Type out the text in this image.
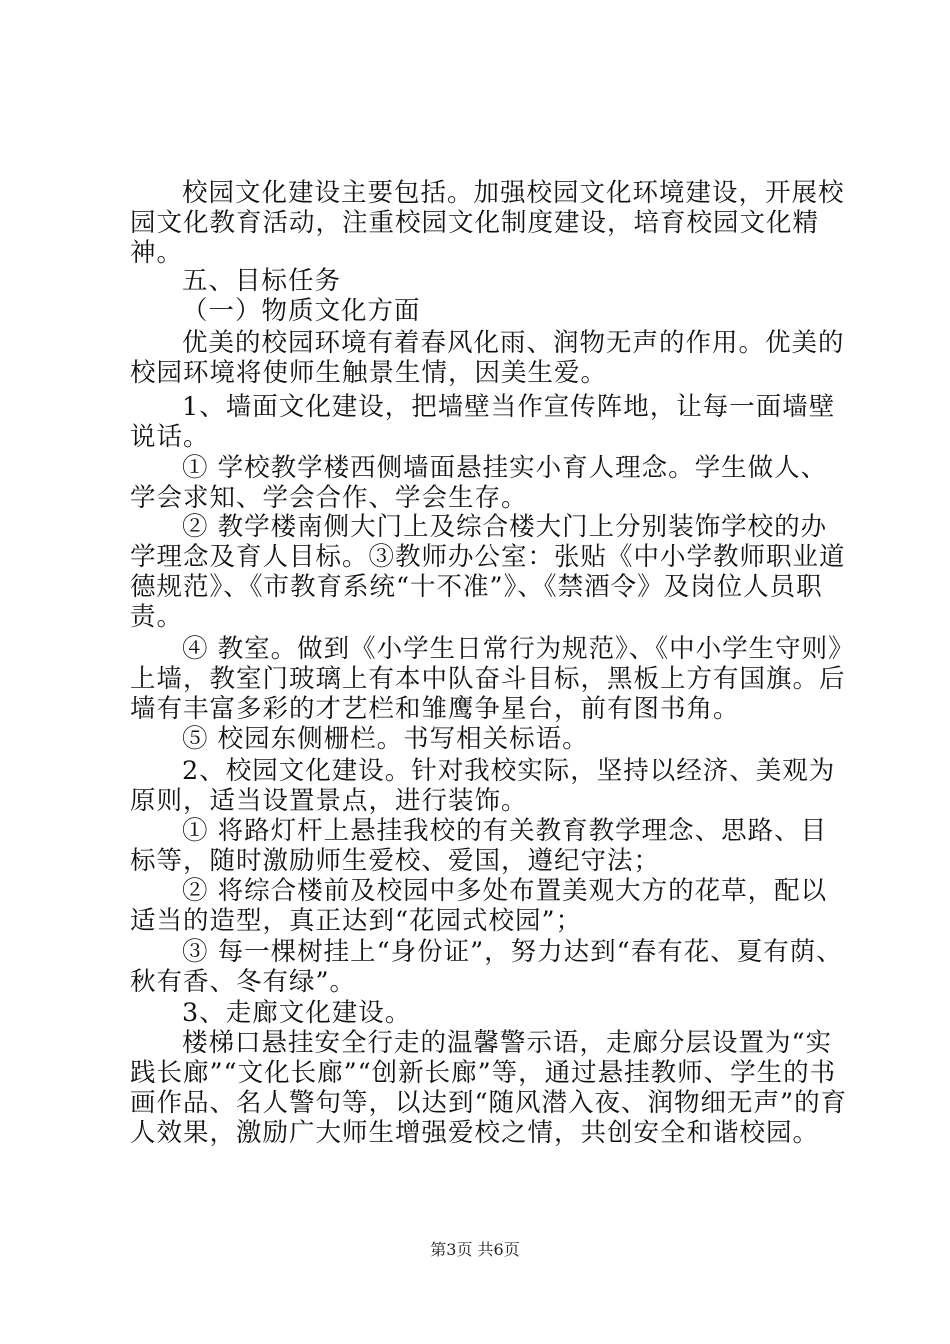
校园文化建设主要包括。加强校园文化环境建设，开展校园文化教育活动，注重校园文化制度建设，培育校园文化精神。

五、目标任务

（一）物质文化方面

优美的校园环境有着春风化雨、润物无声的作用。优美的校园环境将使师生触景生情，因美生爱。

1、墙面文化建设，把墙壁当作宣传阵地，让每一面墙壁说话。

① 学校教学楼西侧墙面悬挂实小育人理念。学生做人、学会求知、学会合作、学会生存。

② 教学楼南侧大门上及综合楼大门上分别装饰学校的办学理念及育人目标。③教师办公室：张贴《中小学教师职业道德规范》、《市教育系统“十不准”》、《禁酒令》及岗位人员职责。

④ 教室。做到《小学生日常行为规范》、《中小学生守则》上墙，教室门玻璃上有本中队奋斗目标，黑板上方有国旗。后墙有丰富多彩的才艺栏和雏鹰争星台，前有图书角。

⑤ 校园东侧栅栏。书写相关标语。

2、校园文化建设。针对我校实际，坚持以经济、美观为原则，适当设置景点，进行装饰。

① 将路灯杆上悬挂我校的有关教育教学理念、思路、目标等，随时激励师生爱校、爱国，遵纪守法；

② 将综合楼前及校园中多处布置美观大方的花草，配以适当的造型，真正达到“花园式校园”；

③ 每一棵树挂上“身份证”，努力达到“春有花、夏有荫、秋有香、冬有绿”。

3、走廊文化建设。

楼梯口悬挂安全行走的温馨警示语，走廊分层设置为“实践长廊”“文化长廊”“创新长廊”等，通过悬挂教师、学生的书画作品、名人警句等，以达到“随风潜入夜、润物细无声”的育人效果，激励广大师生增强爱校之情，共创安全和谐校园。

第3页 共6页
